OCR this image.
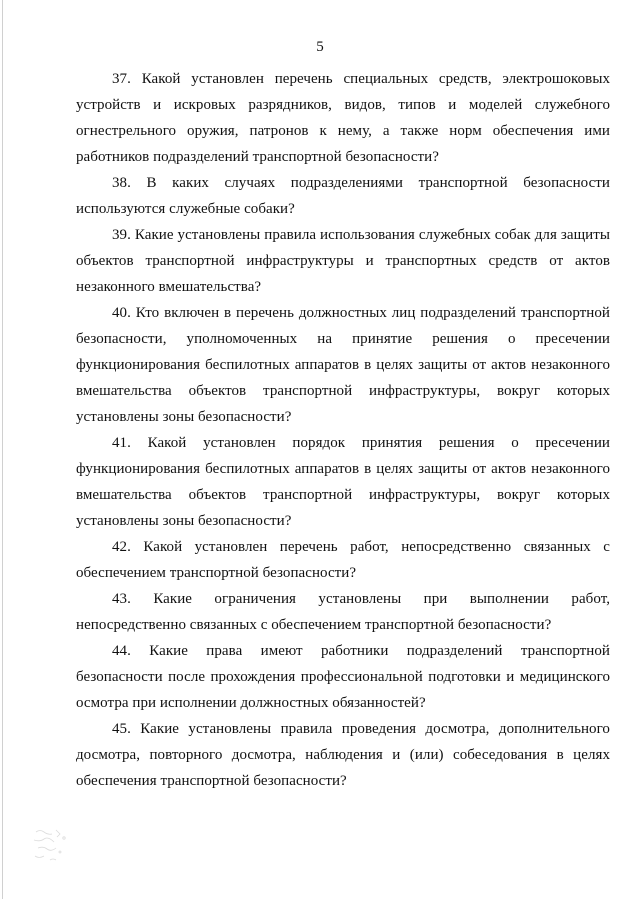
5

37. Какой установлен перечень специальных средств, электрошоковых устройств и искровых разрядников, видов, типов и моделей служебного огнестрельного оружия, патронов к нему, а также норм обеспечения ими работников подразделений транспортной безопасности?

38. В каких случаях подразделениями транспортной безопасности используются служебные собаки?

39. Какие установлены правила использования служебных собак для защиты объектов транспортной инфраструктуры и транспортных средств от актов незаконного вмешательства?

40. Кто включен в перечень должностных лиц подразделений транспортной безопасности, уполномоченных на принятие решения о пресечении функционирования беспилотных аппаратов в целях защиты от актов незаконного вмешательства объектов транспортной инфраструктуры, вокруг которых установлены зоны безопасности?

41. Какой установлен порядок принятия решения о пресечении функционирования беспилотных аппаратов в целях защиты от актов незаконного вмешательства объектов транспортной инфраструктуры, вокруг которых установлены зоны безопасности?

42. Какой установлен перечень работ, непосредственно связанных с обеспечением транспортной безопасности?

43. Какие ограничения установлены при выполнении работ, непосредственно связанных с обеспечением транспортной безопасности?

44. Какие права имеют работники подразделений транспортной безопасности после прохождения профессиональной подготовки и медицинского осмотра при исполнении должностных обязанностей?

45. Какие установлены правила проведения досмотра, дополнительного досмотра, повторного досмотра, наблюдения и (или) собеседования в целях обеспечения транспортной безопасности?
